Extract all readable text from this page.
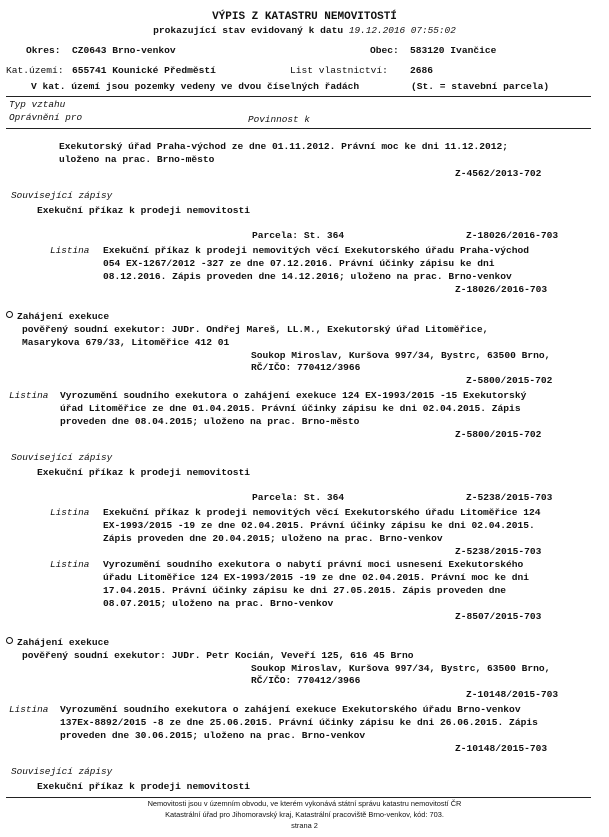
VÝPIS Z KATASTRU NEMOVITOSTÍ
prokazující stav evidovaný k datu 19.12.2016 07:55:02
Okres: CZ0643 Brno-venkov	Obec: 583120 Ivančice
Kat.území: 655741 Kounické Předměstí	List vlastnictví: 2686
V kat. území jsou pozemky vedeny ve dvou číselných řadách	(St. = stavební parcela)
Typ vztahu
Oprávnění pro	Povinnost k
Exekutorský úřad Praha-východ ze dne 01.11.2012. Právní moc ke dni 11.12.2012;
uloženo na prac. Brno-město
Z-4562/2013-702
Související zápisy
Exekuční příkaz k prodeji nemovitosti
Parcela: St. 364	Z-18026/2016-703
Listina Exekuční příkaz k prodeji nemovitých věcí Exekutorského úřadu Praha-východ
054 EX-1267/2012 -327 ze dne 07.12.2016. Právní účinky zápisu ke dni
08.12.2016. Zápis proveden dne 14.12.2016; uloženo na prac. Brno-venkov
Z-18026/2016-703
Zahájení exekuce
pověřený soudní exekutor: JUDr. Ondřej Mareš, LL.M., Exekutorský úřad Litoměřice,
Masarykova 679/33, Litoměřice 412 01
Soukop Miroslav, Kuršova 997/34, Bystrc, 63500 Brno,
RČ/IČO: 770412/3966
Z-5800/2015-702
Listina Vyrozumění soudního exekutora o zahájení exekuce 124 EX-1993/2015 -15 Exekutorský
úřad Litoměřice ze dne 01.04.2015. Právní účinky zápisu ke dni 02.04.2015. Zápis
proveden dne 08.04.2015; uloženo na prac. Brno-město
Z-5800/2015-702
Související zápisy
Exekuční příkaz k prodeji nemovitosti
Parcela: St. 364	Z-5238/2015-703
Listina Exekuční příkaz k prodeji nemovitých věcí Exekutorského úřadu Litoměřice 124
EX-1993/2015 -19 ze dne 02.04.2015. Právní účinky zápisu ke dni 02.04.2015.
Zápis proveden dne 20.04.2015; uloženo na prac. Brno-venkov
Z-5238/2015-703
Listina Vyrozumění soudního exekutora o nabytí právní moci usnesení Exekutorského
úřadu Litoměřice 124 EX-1993/2015 -19 ze dne 02.04.2015. Právní moc ke dni
17.04.2015. Právní účinky zápisu ke dni 27.05.2015. Zápis proveden dne
08.07.2015; uloženo na prac. Brno-venkov
Z-8507/2015-703
Zahájení exekuce
pověřený soudní exekutor: JUDr. Petr Kocián, Veveří 125, 616 45 Brno
Soukop Miroslav, Kuršova 997/34, Bystrc, 63500 Brno,
RČ/IČO: 770412/3966
Z-10148/2015-703
Listina Vyrozumění soudního exekutora o zahájení exekuce Exekutorského úřadu Brno-venkov
137Ex-8892/2015 -8 ze dne 25.06.2015. Právní účinky zápisu ke dni 26.06.2015. Zápis
proveden dne 30.06.2015; uloženo na prac. Brno-venkov
Z-10148/2015-703
Související zápisy
Exekuční příkaz k prodeji nemovitosti
Nemovitosti jsou v územním obvodu, ve kterém vykonává státní správu katastru nemovitostí ČR
Katastrální úřad pro Jihomoravský kraj, Katastrální pracoviště Brno-venkov, kód: 703.
strana 2
